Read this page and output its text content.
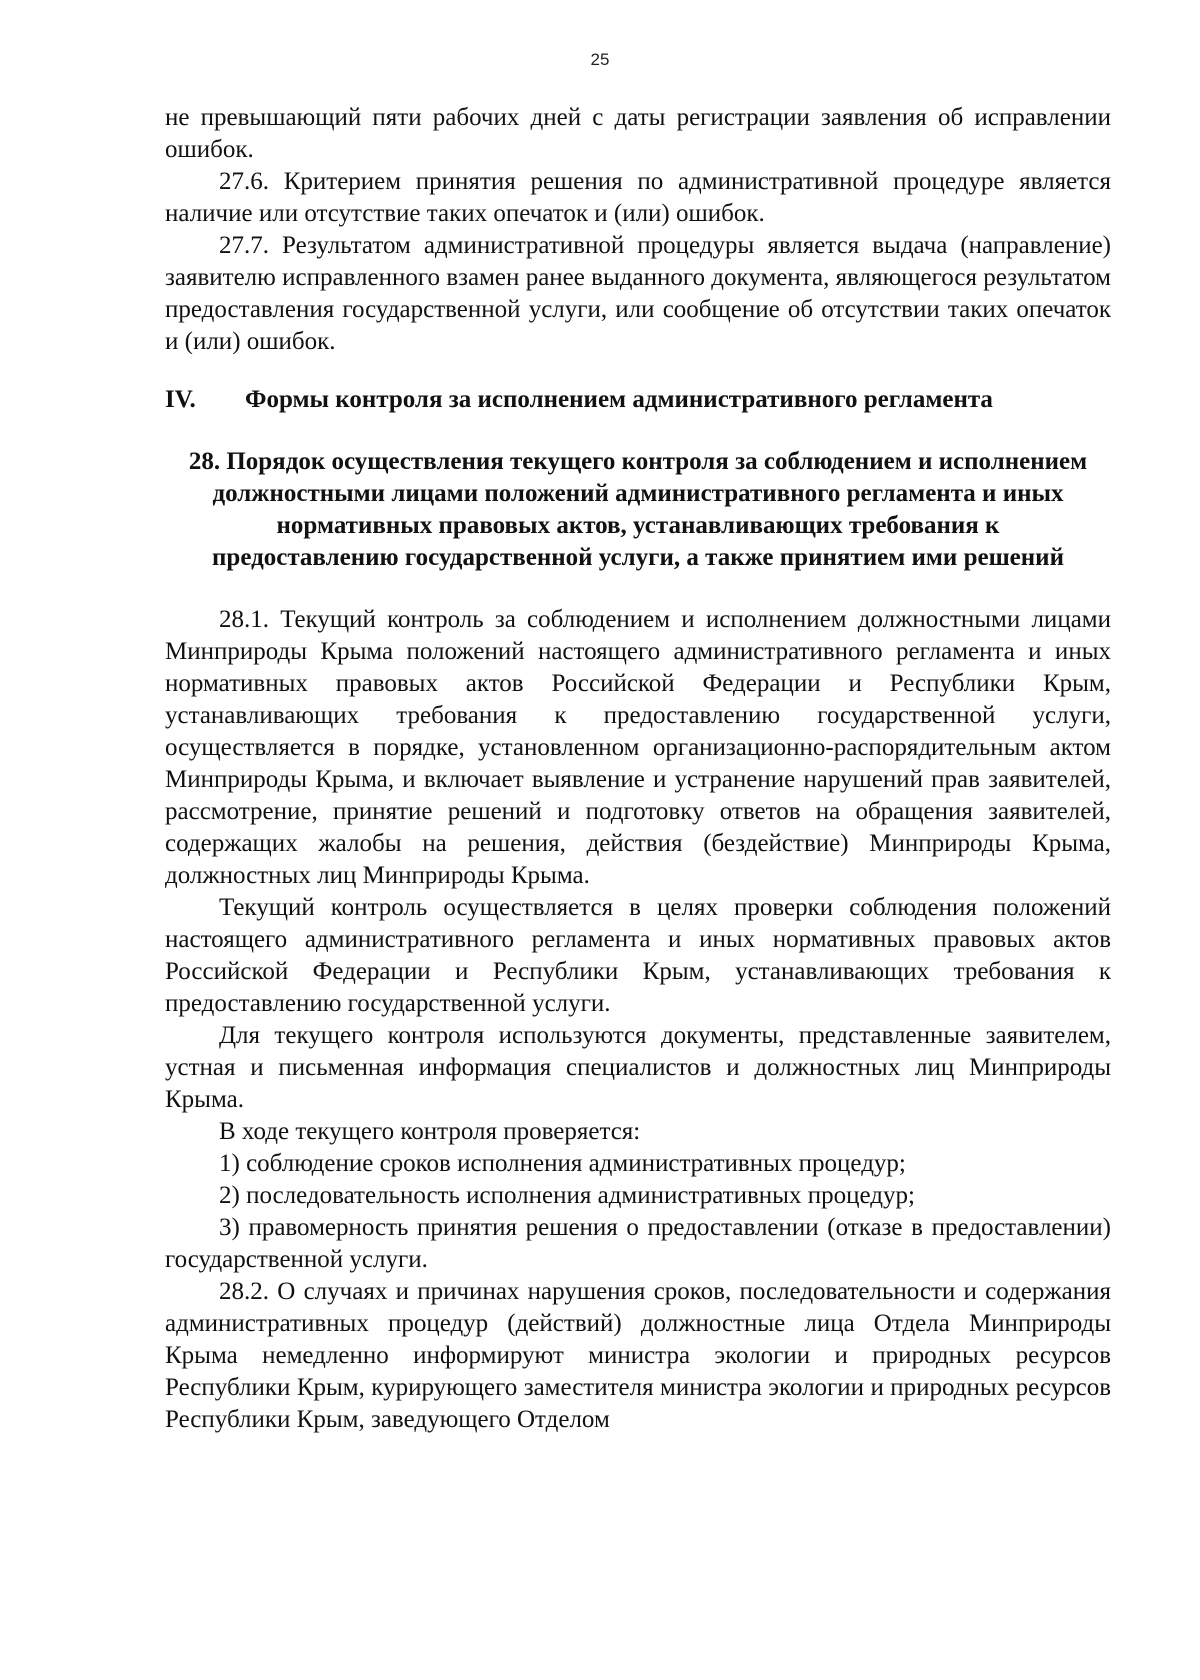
25

не превышающий пяти рабочих дней с даты регистрации заявления об исправлении ошибок.

27.6. Критерием принятия решения по административной процедуре является наличие или отсутствие таких опечаток и (или) ошибок.

27.7. Результатом административной процедуры является выдача (направление) заявителю исправленного взамен ранее выданного документа, являющегося результатом предоставления государственной услуги, или сообщение об отсутствии таких опечаток и (или) ошибок.

IV.	Формы контроля за исполнением административного регламента
28. Порядок осуществления текущего контроля за соблюдением и исполнением должностными лицами положений административного регламента и иных нормативных правовых актов, устанавливающих требования к предоставлению государственной услуги, а также принятием ими решений

28.1. Текущий контроль за соблюдением и исполнением должностными лицами Минприроды Крыма положений настоящего административного регламента и иных нормативных правовых актов Российской Федерации и Республики Крым, устанавливающих требования к предоставлению государственной услуги, осуществляется в порядке, установленном организационно-распорядительным актом Минприроды Крыма, и включает выявление и устранение нарушений прав заявителей, рассмотрение, принятие решений и подготовку ответов на обращения заявителей, содержащих жалобы на решения, действия (бездействие) Минприроды Крыма, должностных лиц Минприроды Крыма.

Текущий контроль осуществляется в целях проверки соблюдения положений настоящего административного регламента и иных нормативных правовых актов Российской Федерации и Республики Крым, устанавливающих требования к предоставлению государственной услуги.

Для текущего контроля используются документы, представленные заявителем, устная и письменная информация специалистов и должностных лиц Минприроды Крыма.

В ходе текущего контроля проверяется:

1) соблюдение сроков исполнения административных процедур;

2) последовательность исполнения административных процедур;

3) правомерность принятия решения о предоставлении (отказе в предоставлении) государственной услуги.

28.2. О случаях и причинах нарушения сроков, последовательности и содержания административных процедур (действий) должностные лица Отдела Минприроды Крыма немедленно информируют министра экологии и природных ресурсов Республики Крым, курирующего заместителя министра экологии и природных ресурсов Республики Крым, заведующего Отделом
